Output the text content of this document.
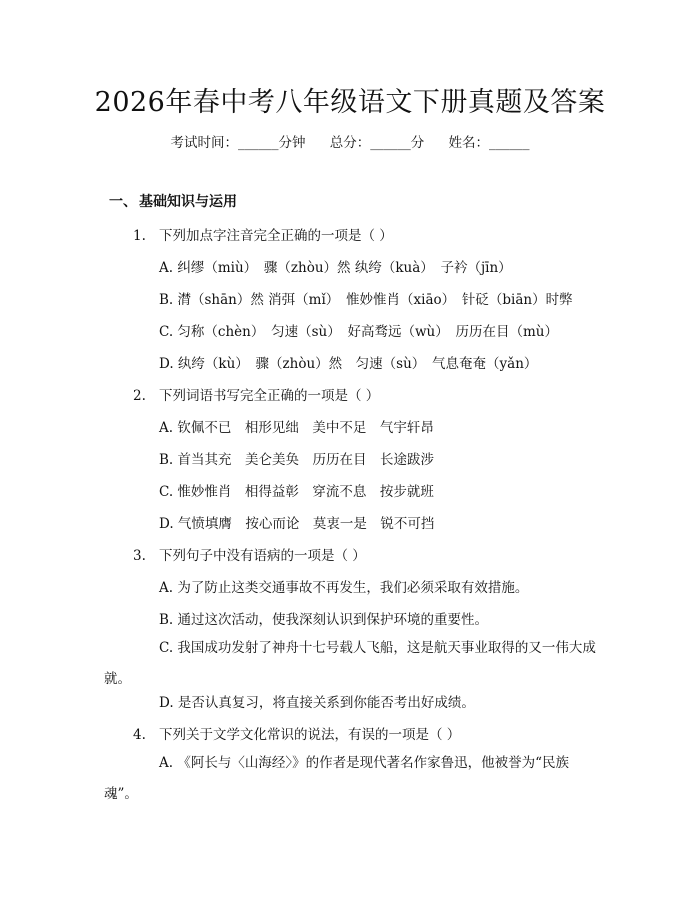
2026年春中考八年级语文下册真题及答案
考试时间：______分钟 总分：______分 姓名：______
一、 基础知识与运用
1. 下列加点字注音完全正确的一项是（ ）
A. 纠缪（miù）　骤（zhòu）然 纨绔（kuà）　子衿（jīn）
B. 潸（shān）然 消弭（mǐ）　惟妙惟肖（xiāo）　针砭（biān）时弊
C. 匀称（chèn）　匀速（sù）　好高骛远（wù）　历历在目（mù）
D. 纨绔（kù）　骤（zhòu）然　匀速（sù）　气息奄奄（yǎn）
2. 下列词语书写完全正确的一项是（ ）
A. 钦佩不已　相形见绌　美中不足　气宇轩昂
B. 首当其充　美仑美奂　历历在目　长途跋涉
C. 惟妙惟肖　相得益彰　穿流不息　按步就班
D. 气愤填膺　按心而论　莫衷一是　锐不可挡
3. 下列句子中没有语病的一项是（ ）
A. 为了防止这类交通事故不再发生，我们必须采取有效措施。
B. 通过这次活动，使我深刻认识到保护环境的重要性。
C. 我国成功发射了神舟十七号载人飞船，这是航天事业取得的又一伟大成就。
D. 是否认真复习，将直接关系到你能否考出好成绩。
4. 下列关于文学文化常识的说法，有误的一项是（ ）
A. 《阿长与〈山海经〉》的作者是现代著名作家鲁迅，他被誉为“民族魂”。
